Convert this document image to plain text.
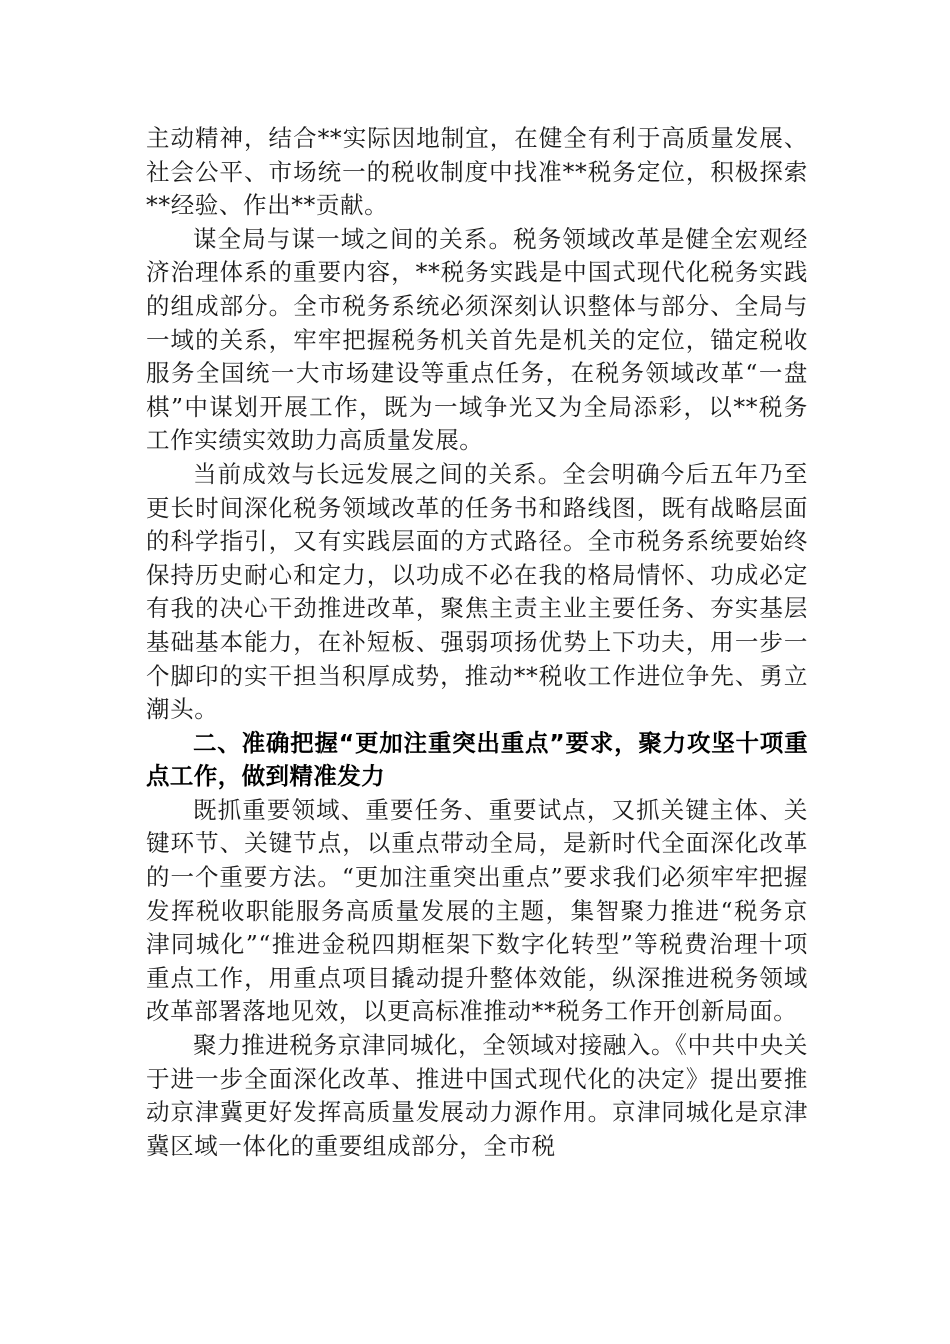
主动精神，结合**实际因地制宜，在健全有利于高质量发展、社会公平、市场统一的税收制度中找准**税务定位，积极探索**经验、作出**贡献。

谋全局与谋一域之间的关系。税务领域改革是健全宏观经济治理体系的重要内容，**税务实践是中国式现代化税务实践的组成部分。全市税务系统必须深刻认识整体与部分、全局与一域的关系，牢牢把握税务机关首先是机关的定位，锚定税收服务全国统一大市场建设等重点任务，在税务领域改革“一盘棋”中谋划开展工作，既为一域争光又为全局添彩，以**税务工作实绩实效助力高质量发展。

当前成效与长远发展之间的关系。全会明确今后五年乃至更长时间深化税务领域改革的任务书和路线图，既有战略层面的科学指引，又有实践层面的方式路径。全市税务系统要始终保持历史耐心和定力，以功成不必在我的格局情怀、功成必定有我的决心干劲推进改革，聚焦主责主业主要任务、夯实基层基础基本能力，在补短板、强弱项扬优势上下功夫，用一步一个脚印的实干担当积厚成势，推动**税收工作进位争先、勇立潮头。

二、准确把握“更加注重突出重点”要求，聚力攻坚十项重点工作，做到精准发力

既抓重要领域、重要任务、重要试点，又抓关键主体、关键环节、关键节点，以重点带动全局，是新时代全面深化改革的一个重要方法。“更加注重突出重点”要求我们必须牢牢把握发挥税收职能服务高质量发展的主题，集智聚力推进“税务京津同城化”“推进金税四期框架下数字化转型”等税费治理十项重点工作，用重点项目撬动提升整体效能，纵深推进税务领域改革部署落地见效，以更高标准推动**税务工作开创新局面。

聚力推进税务京津同城化，全领域对接融入。《中共中央关于进一步全面深化改革、推进中国式现代化的决定》提出要推动京津冀更好发挥高质量发展动力源作用。京津同城化是京津冀区域一体化的重要组成部分，全市税
